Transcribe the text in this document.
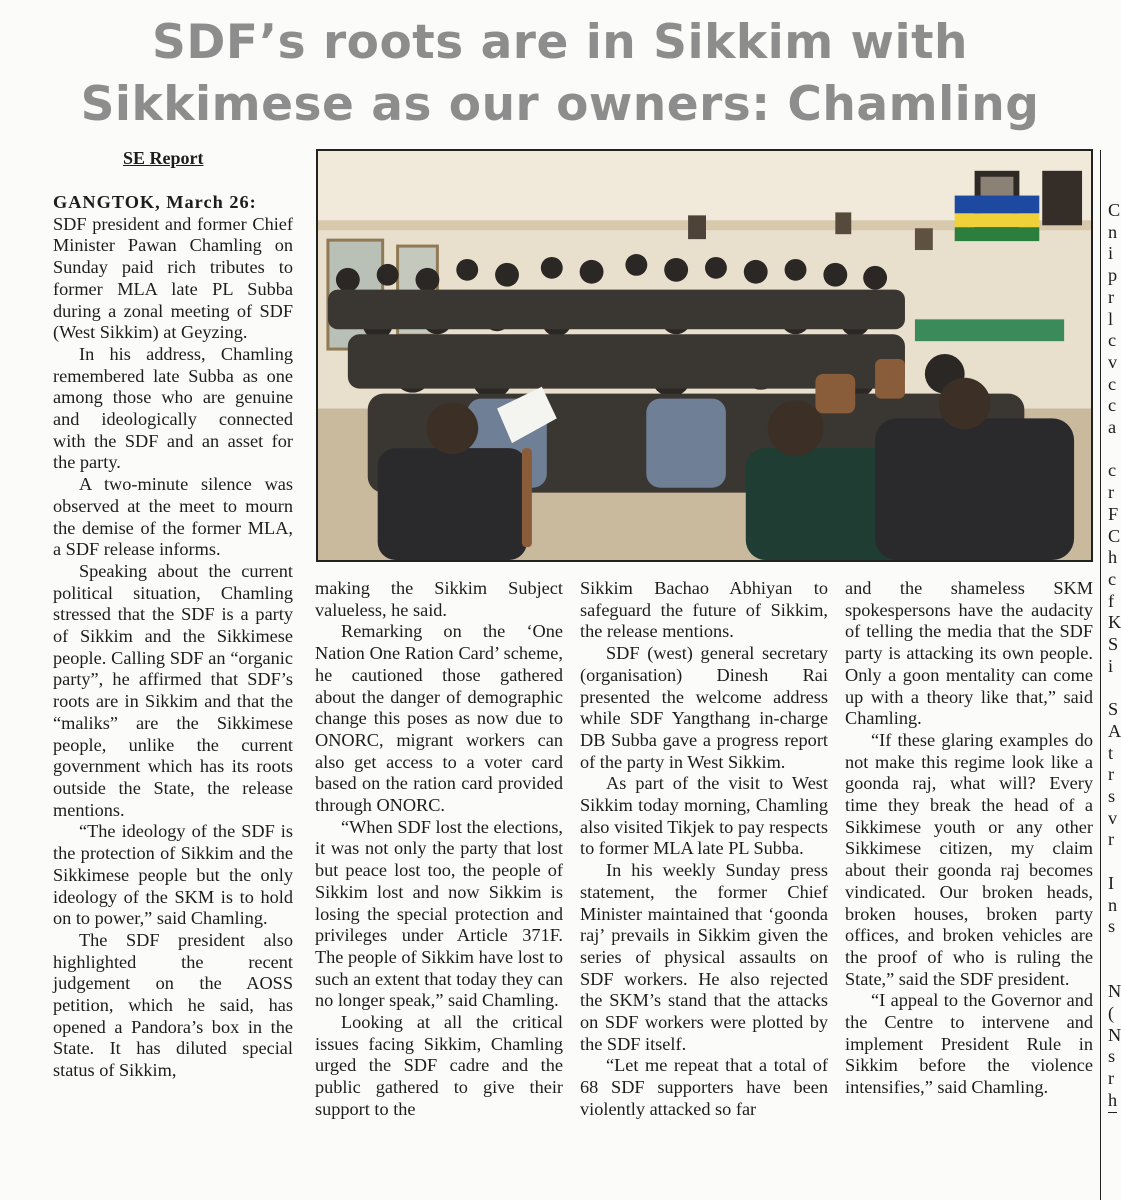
SDF’s roots are in Sikkim with
Sikkimese as our owners: Chamling
SE Report

GANGTOK, March 26:
SDF president and former Chief Minister Pawan Chamling on Sunday paid rich tributes to former MLA late PL Subba during a zonal meeting of SDF (West Sikkim) at Geyzing.

In his address, Chamling remembered late Subba as one among those who are genuine and ideologically connected with the SDF and an asset for the party.

A two-minute silence was observed at the meet to mourn the demise of the former MLA, a SDF release informs.

Speaking about the current political situation, Chamling stressed that the SDF is a party of Sikkim and the Sikkimese people. Calling SDF an “organic party”, he affirmed that SDF’s roots are in Sikkim and that the “maliks” are the Sikkimese people, unlike the current government which has its roots outside the State, the release mentions.

“The ideology of the SDF is the protection of Sikkim and the Sikkimese people but the only ideology of the SKM is to hold on to power,” said Chamling.

The SDF president also highlighted the recent judgement on the AOSS petition, which he said, has opened a Pandora’s box in the State. It has diluted special status of Sikkim,

making the Sikkim Subject valueless, he said.

Remarking on the ‘One Nation One Ration Card’ scheme, he cautioned those gathered about the danger of demographic change this poses as now due to ONORC, migrant workers can also get access to a voter card based on the ration card provided through ONORC.

“When SDF lost the elections, it was not only the party that lost but peace lost too, the people of Sikkim lost and now Sikkim is losing the special protection and privileges under Article 371F. The people of Sikkim have lost to such an extent that today they can no longer speak,” said Chamling.

Looking at all the critical issues facing Sikkim, Chamling urged the SDF cadre and the public gathered to give their support to the

Sikkim Bachao Abhiyan to safeguard the future of Sikkim, the release mentions.

SDF (west) general secretary (organisation) Dinesh Rai presented the welcome address while SDF Yangthang in-charge DB Subba gave a progress report of the party in West Sikkim.

As part of the visit to West Sikkim today morning, Chamling also visited Tikjek to pay respects to former MLA late PL Subba.

In his weekly Sunday press statement, the former Chief Minister maintained that ‘goonda raj’ prevails in Sikkim given the series of physical assaults on SDF workers. He also rejected the SKM’s stand that the attacks on SDF workers were plotted by the SDF itself.

“Let me repeat that a total of 68 SDF supporters have been violently attacked so far

and the shameless SKM spokespersons have the audacity of telling the media that the SDF party is attacking its own people. Only a goon mentality can come up with a theory like that,” said Chamling.

“If these glaring examples do not make this regime look like a goonda raj, what will? Every time they break the head of a Sikkimese youth or any other Sikkimese citizen, my claim about their goonda raj becomes vindicated. Our broken heads, broken houses, broken party offices, and broken vehicles are the proof of who is ruling the State,” said the SDF president.

“I appeal to the Governor and the Centre to intervene and implement President Rule in Sikkim before the violence intensifies,” said Chamling.

C
n
i
p
r
l
c
v
c
c
a

c
r
F
C
h
c
f
K
S
i

S
A
t
r
s
v
r

I
n
s

N
(
N
s
r
h
